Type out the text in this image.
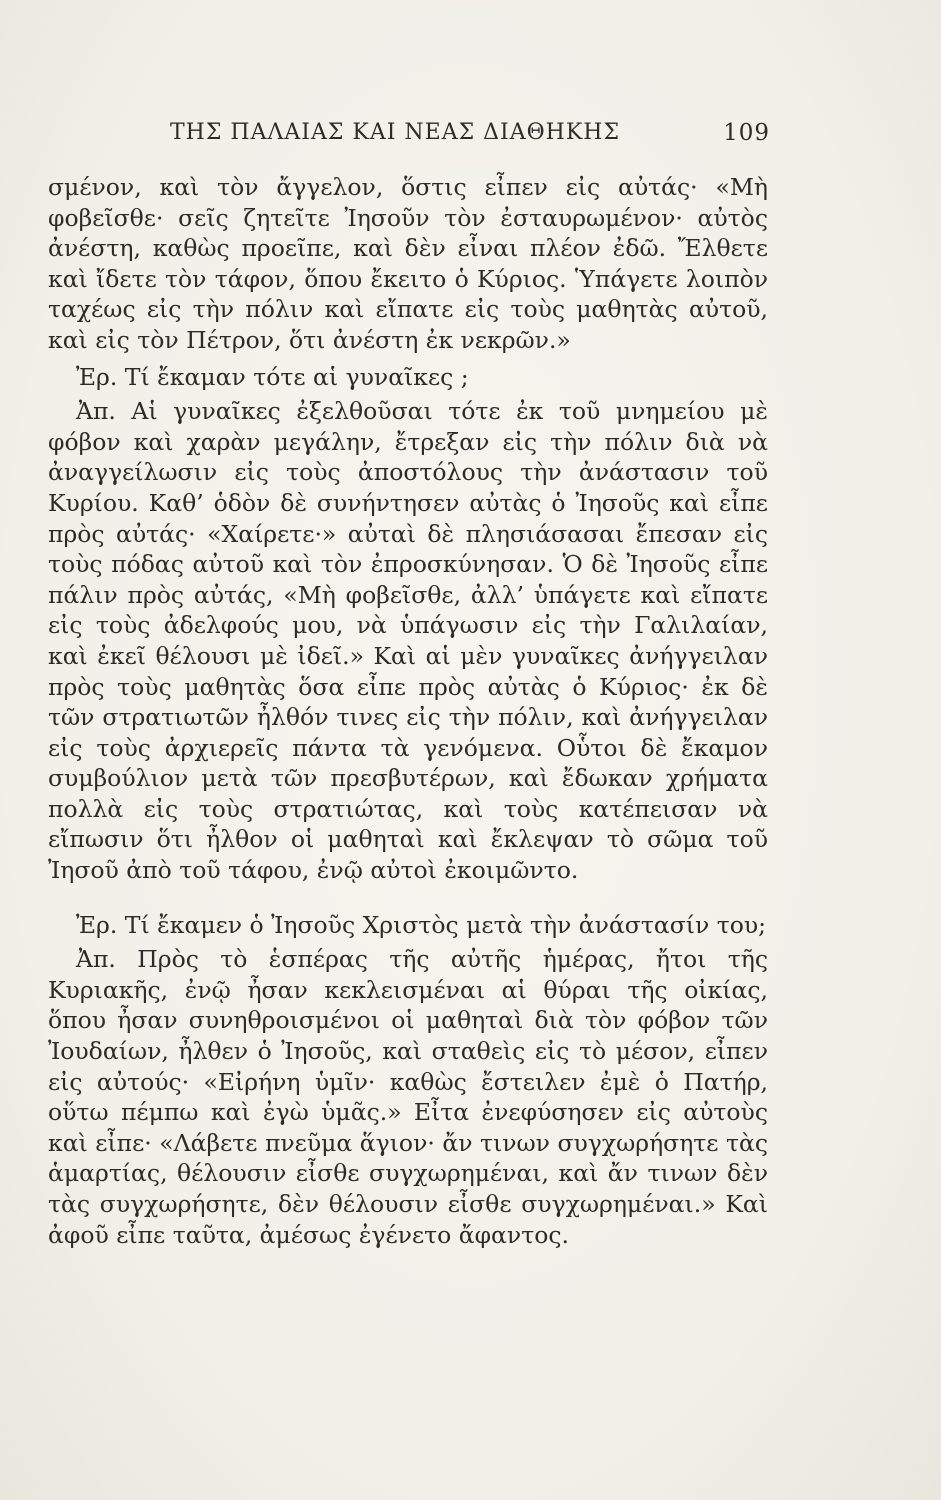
ΤΗΣ ΠΑΛΑΙΑΣ ΚΑΙ ΝΕΑΣ ΔΙΑΘΗΚΗΣ	109

σμένον, καὶ τὸν ἄγγελον, ὅστις εἶπεν εἰς αὐτάς· «Μὴ φοβεῖσθε· σεῖς ζητεῖτε Ἰησοῦν τὸν ἐσταυρωμένον· αὐτὸς ἀνέστη, καθὼς προεῖπε, καὶ δὲν εἶναι πλέον ἐδῶ. Ἔλθετε καὶ ἴδετε τὸν τάφον, ὅπου ἔκειτο ὁ Κύριος. Ὑπάγετε λοιπὸν ταχέως εἰς τὴν πόλιν καὶ εἴπατε εἰς τοὺς μαθητὰς αὐτοῦ, καὶ εἰς τὸν Πέτρον, ὅτι ἀνέστη ἐκ νεκρῶν.»

Ἐρ. Τί ἔκαμαν τότε αἱ γυναῖκες ;

Ἀπ. Αἱ γυναῖκες ἐξελθοῦσαι τότε ἐκ τοῦ μνημείου μὲ φόβον καὶ χαρὰν μεγάλην, ἔτρεξαν εἰς τὴν πόλιν διὰ νὰ ἀναγγείλωσιν εἰς τοὺς ἀποστόλους τὴν ἀνάστασιν τοῦ Κυρίου. Καθ’ ὁδὸν δὲ συνήντησεν αὐτὰς ὁ Ἰησοῦς καὶ εἶπε πρὸς αὐτάς· «Χαίρετε·» αὐταὶ δὲ πλησιάσασαι ἔπεσαν εἰς τοὺς πόδας αὐτοῦ καὶ τὸν ἐπροσκύνησαν. Ὁ δὲ Ἰησοῦς εἶπε πάλιν πρὸς αὐτάς, «Μὴ φοβεῖσθε, ἀλλ’ ὑπάγετε καὶ εἴπατε εἰς τοὺς ἀδελφούς μου, νὰ ὑπάγωσιν εἰς τὴν Γαλιλαίαν, καὶ ἐκεῖ θέλουσι μὲ ἰδεῖ.» Καὶ αἱ μὲν γυναῖκες ἀνήγγειλαν πρὸς τοὺς μαθητὰς ὅσα εἶπε πρὸς αὐτὰς ὁ Κύριος· ἐκ δὲ τῶν στρατιωτῶν ἦλθόν τινες εἰς τὴν πόλιν, καὶ ἀνήγγειλαν εἰς τοὺς ἀρχιερεῖς πάντα τὰ γενόμενα. Οὗτοι δὲ ἔκαμον συμβούλιον μετὰ τῶν πρεσβυτέρων, καὶ ἔδωκαν χρήματα πολλὰ εἰς τοὺς στρατιώτας, καὶ τοὺς κατέπεισαν νὰ εἴπωσιν ὅτι ἦλθον οἱ μαθηταὶ καὶ ἔκλεψαν τὸ σῶμα τοῦ Ἰησοῦ ἀπὸ τοῦ τάφου, ἐνῷ αὐτοὶ ἐκοιμῶντο.

Ἐρ. Τί ἔκαμεν ὁ Ἰησοῦς Χριστὸς μετὰ τὴν ἀνάστασίν του;

Ἀπ. Πρὸς τὸ ἑσπέρας τῆς αὐτῆς ἡμέρας, ἤτοι τῆς Κυριακῆς, ἐνῷ ἦσαν κεκλεισμέναι αἱ θύραι τῆς οἰκίας, ὅπου ἦσαν συνηθροισμένοι οἱ μαθηταὶ διὰ τὸν φόβον τῶν Ἰουδαίων, ἦλθεν ὁ Ἰησοῦς, καὶ σταθεὶς εἰς τὸ μέσον, εἶπεν εἰς αὐτούς· «Εἰρήνη ὑμῖν· καθὼς ἔστειλεν ἐμὲ ὁ Πατήρ, οὕτω πέμπω καὶ ἐγὼ ὑμᾶς.» Εἶτα ἐνεφύσησεν εἰς αὐτοὺς καὶ εἶπε· «Λάβετε πνεῦμα ἅγιον· ἄν τινων συγχωρήσητε τὰς ἁμαρτίας, θέλουσιν εἶσθε συγχωρημέναι, καὶ ἄν τινων δὲν τὰς συγχωρήσητε, δὲν θέλουσιν εἶσθε συγχωρημέναι.» Καὶ ἀφοῦ εἶπε ταῦτα, ἀμέσως ἐγένετο ἄφαντος.
